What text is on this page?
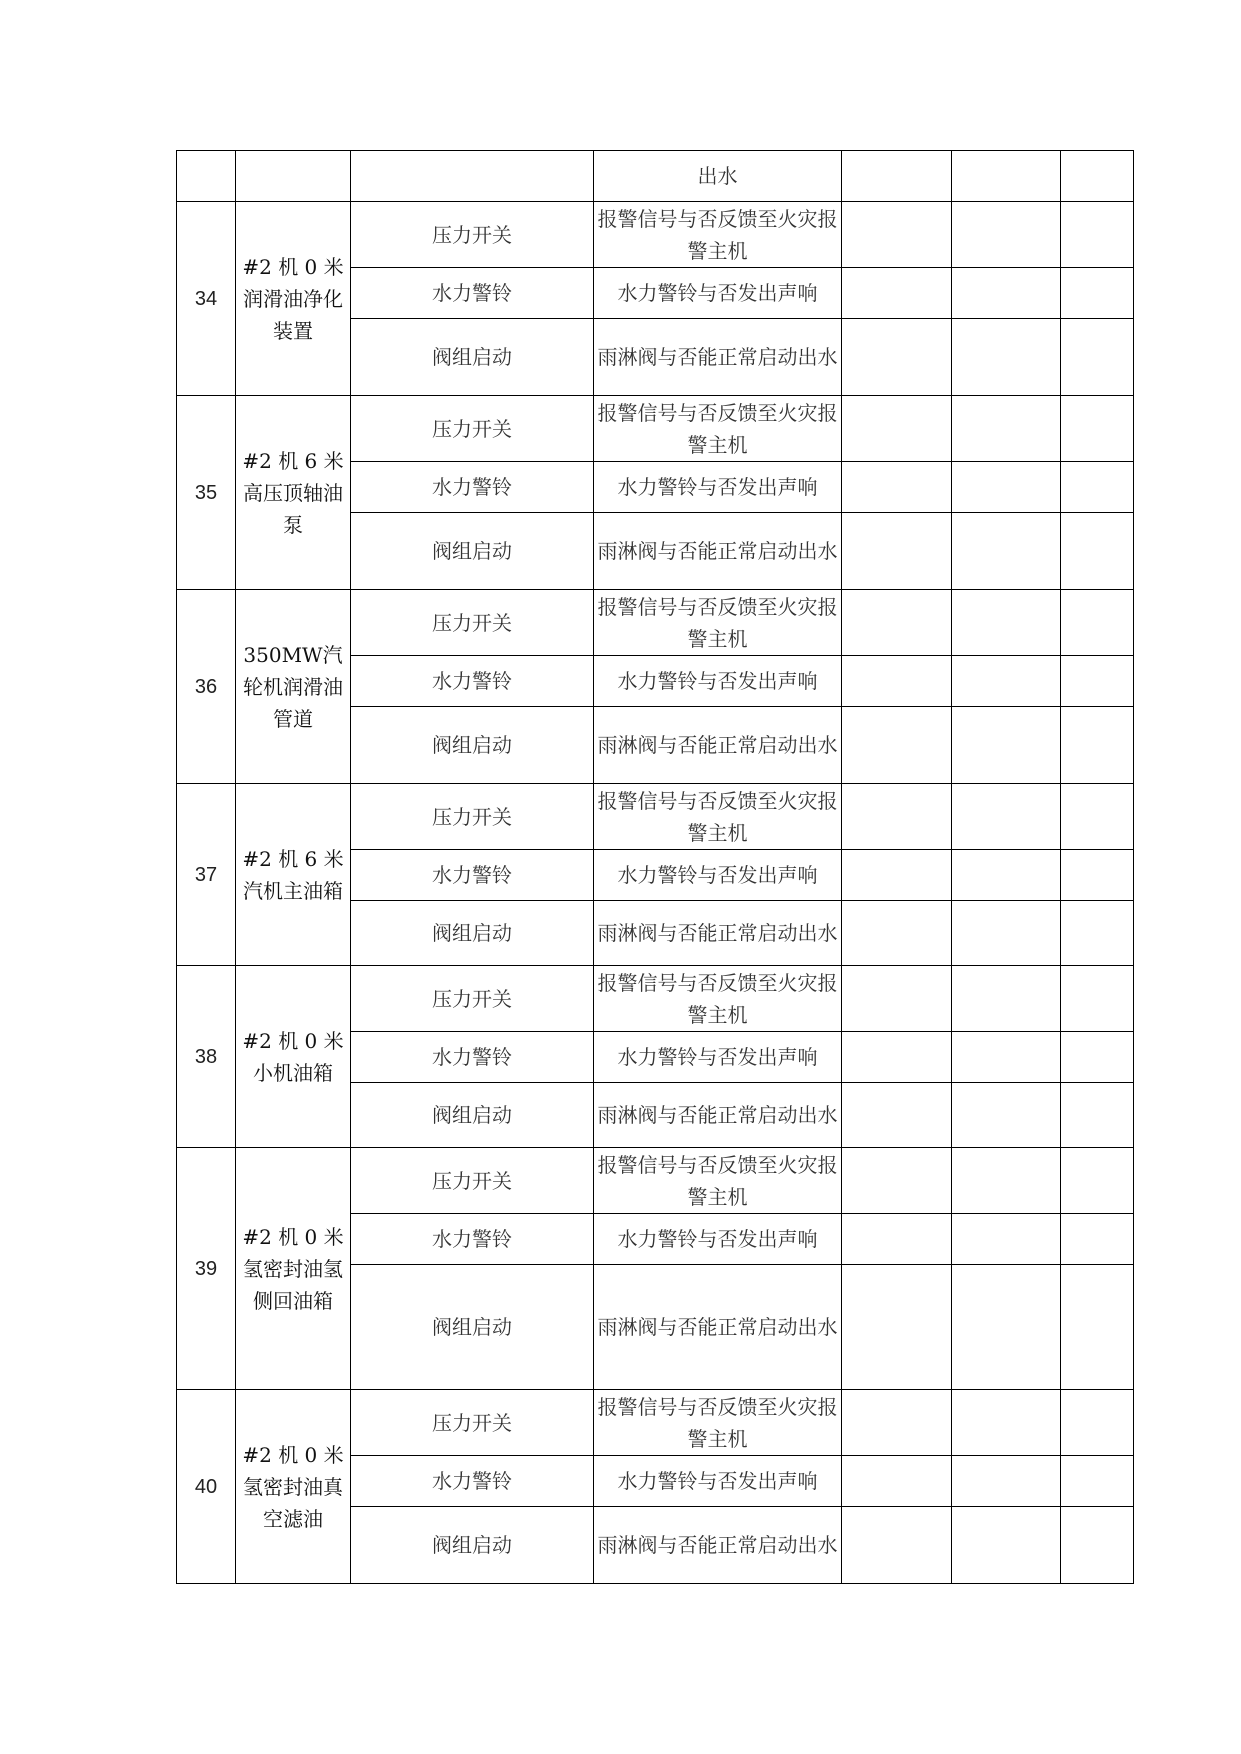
			出水			
34	#2 机 0 米润滑油净化装置	压力开关	报警信号与否反馈至火灾报警主机			
		水力警铃	水力警铃与否发出声响			
		阀组启动	雨淋阀与否能正常启动出水			
35	#2 机 6 米高压顶轴油泵	压力开关	报警信号与否反馈至火灾报警主机			
		水力警铃	水力警铃与否发出声响			
		阀组启动	雨淋阀与否能正常启动出水			
36	350MW汽轮机润滑油管道	压力开关	报警信号与否反馈至火灾报警主机			
		水力警铃	水力警铃与否发出声响			
		阀组启动	雨淋阀与否能正常启动出水			
37	#2 机 6 米汽机主油箱	压力开关	报警信号与否反馈至火灾报警主机			
		水力警铃	水力警铃与否发出声响			
		阀组启动	雨淋阀与否能正常启动出水			
38	#2 机 0 米小机油箱	压力开关	报警信号与否反馈至火灾报警主机			
		水力警铃	水力警铃与否发出声响			
		阀组启动	雨淋阀与否能正常启动出水			
39	#2 机 0 米氢密封油氢侧回油箱	压力开关	报警信号与否反馈至火灾报警主机			
		水力警铃	水力警铃与否发出声响			
		阀组启动	雨淋阀与否能正常启动出水			
40	#2 机 0 米氢密封油真空滤油	压力开关	报警信号与否反馈至火灾报警主机			
		水力警铃	水力警铃与否发出声响			
		阀组启动	雨淋阀与否能正常启动出水			
